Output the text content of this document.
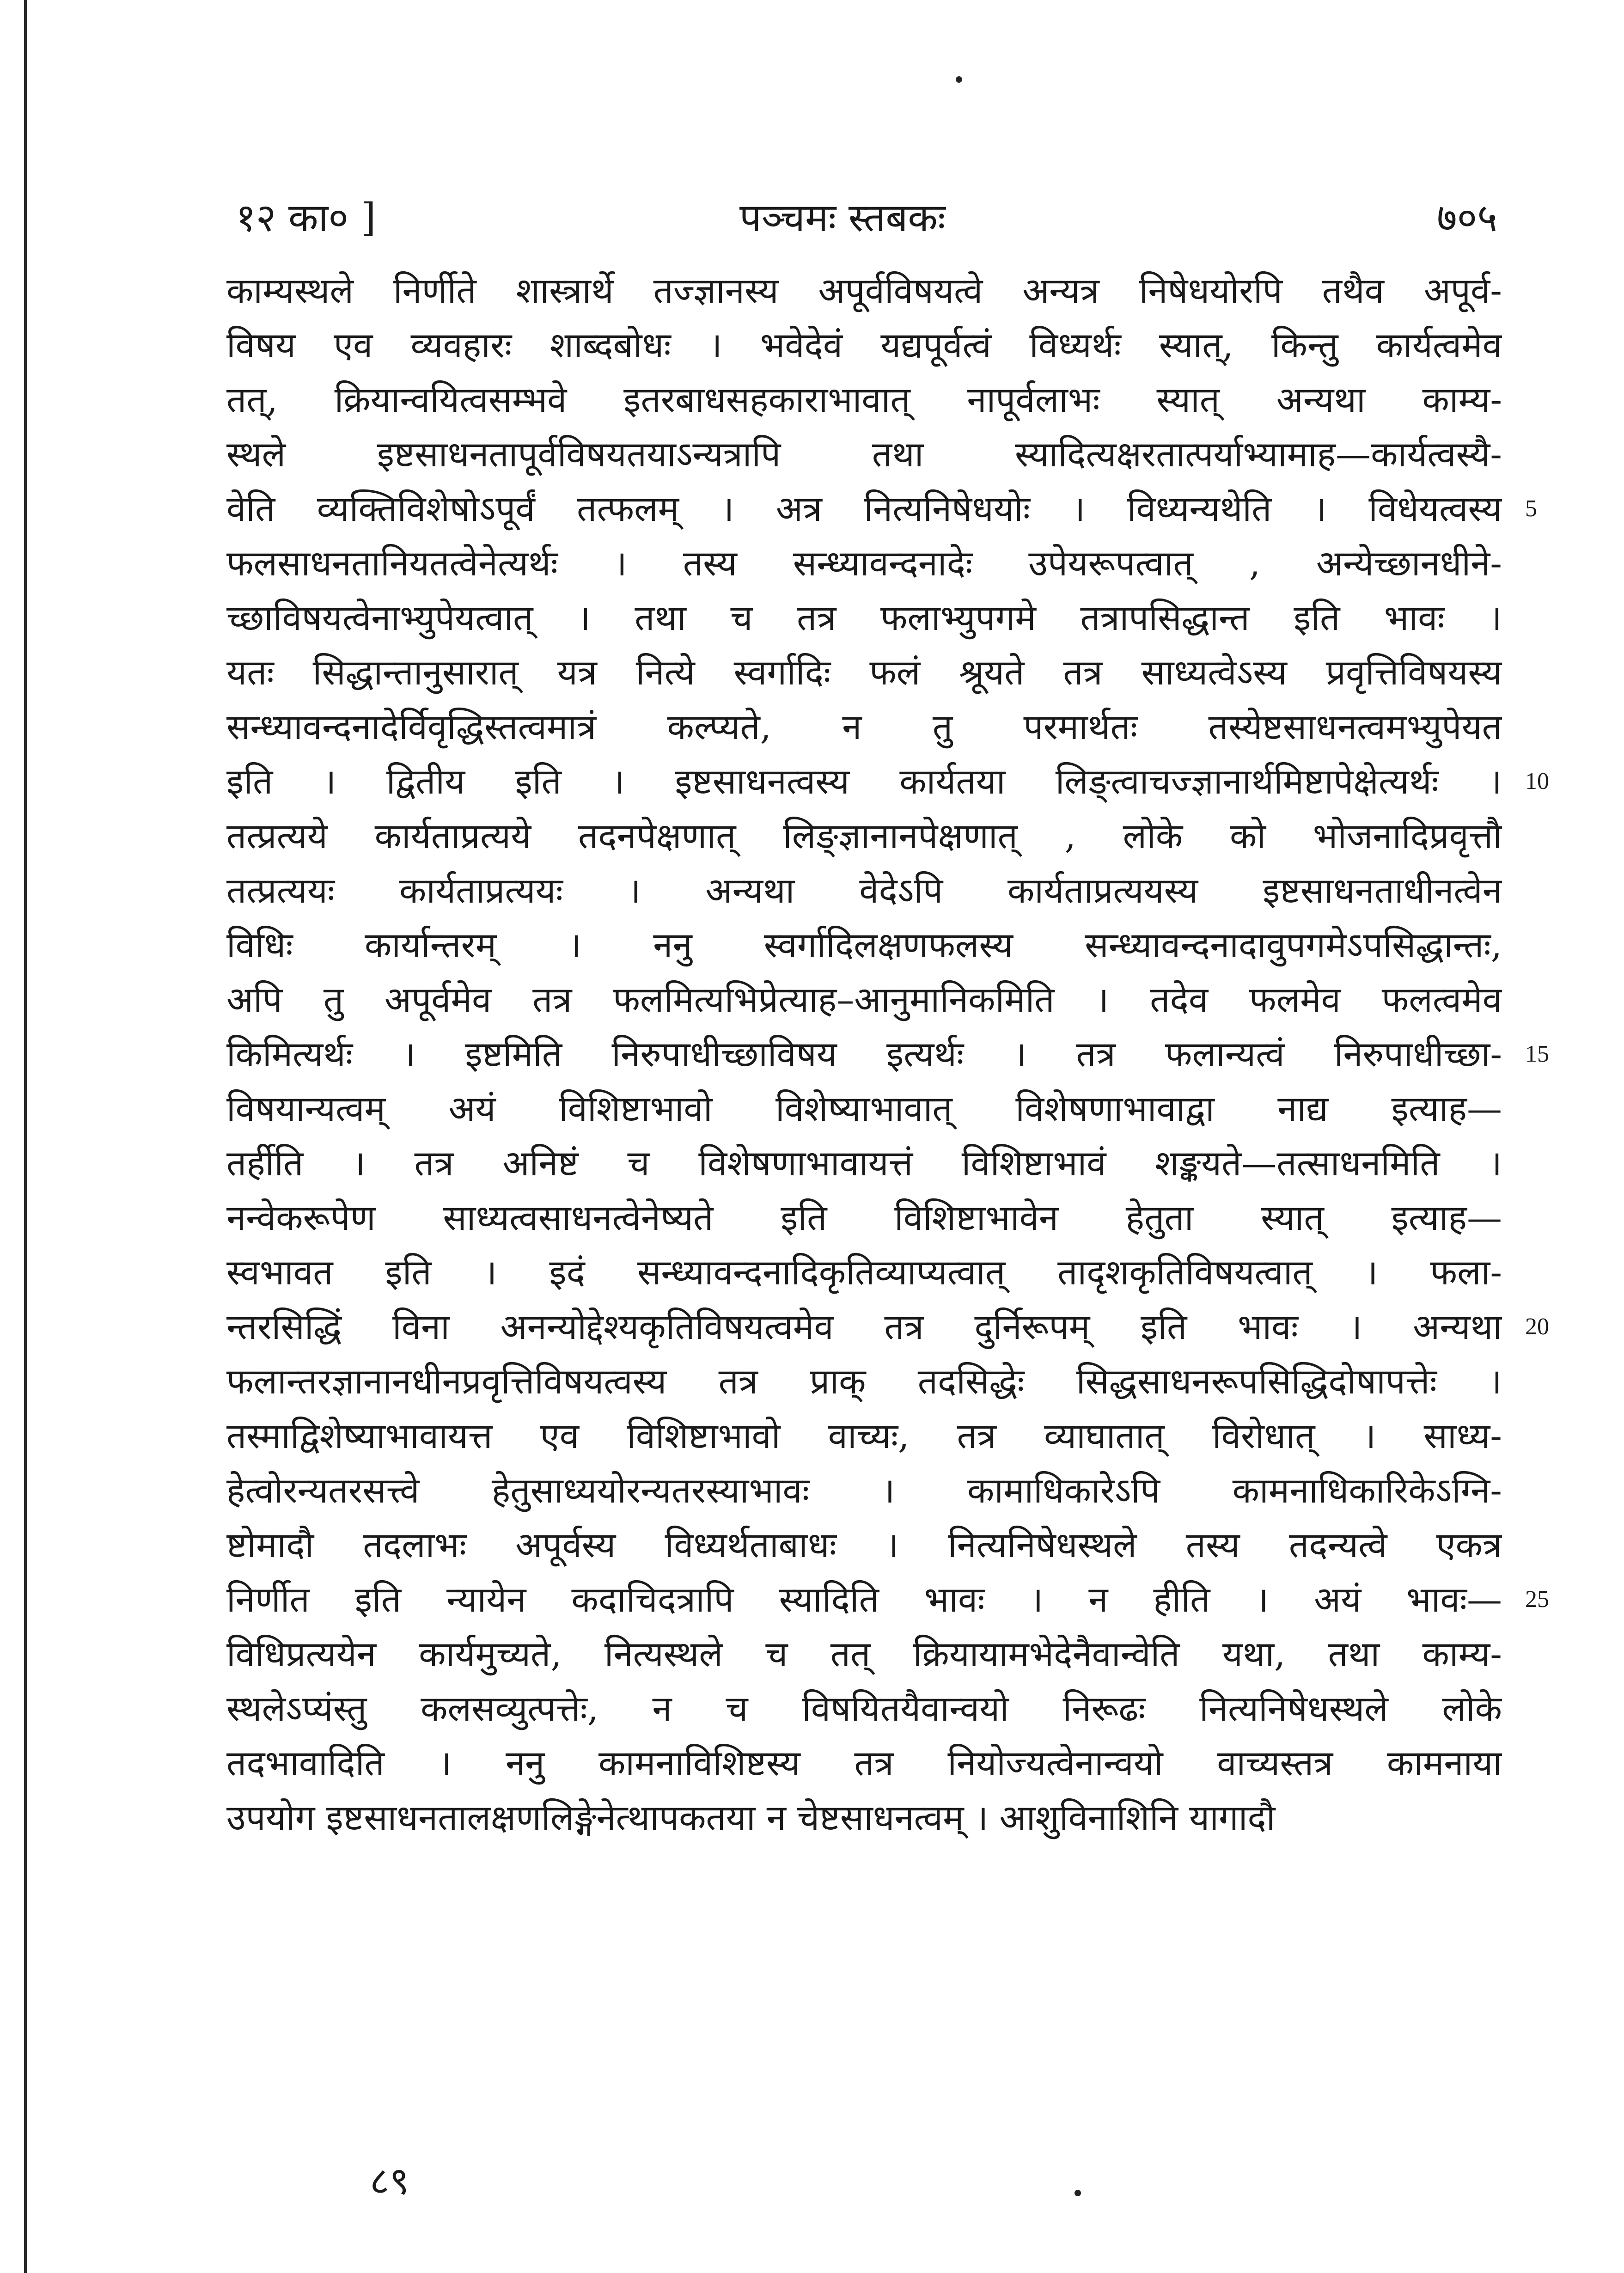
१२ का० ]	पञ्चमः स्तबकः	७०५
काम्यस्थले निर्णीते शास्त्रार्थे तज्ज्ञानस्य अपूर्वविषयत्वे अन्यत्र निषेधयोरपि तथैव अपूर्व-
विषय एव व्यवहारः शाब्दबोधः । भवेदेवं यद्यपूर्वत्वं विध्यर्थः स्यात्, किन्तु कार्यत्वमेव
तत्, क्रियान्वयित्वसम्भवे इतरबाधसहकाराभावात् नापूर्वलाभः स्यात् अन्यथा काम्य-
स्थले इष्टसाधनतापूर्वविषयतयाऽन्यत्रापि तथा स्यादित्यक्षरतात्पर्याभ्यामाह—कार्यत्वस्यै-
वेति व्यक्तिविशेषोऽपूर्वं तत्फलम् । अत्र नित्यनिषेधयोः । विध्यन्यथेति । विधेयत्वस्य
फलसाधनतानियतत्वेनेत्यर्थः । तस्य सन्ध्यावन्दनादेः उपेयरूपत्वात् , अन्येच्छानधीने-
च्छाविषयत्वेनाभ्युपेयत्वात् । तथा च तत्र फलाभ्युपगमे तत्रापसिद्धान्त इति भावः ।
यतः सिद्धान्तानुसारात् यत्र नित्ये स्वर्गादिः फलं श्रूयते तत्र साध्यत्वेऽस्य प्रवृत्तिविषयस्य
सन्ध्यावन्दनादेर्विवृद्धिस्तत्वमात्रं कल्प्यते, न तु परमार्थतः तस्येष्टसाधनत्वमभ्युपेयत
इति । द्वितीय इति । इष्टसाधनत्वस्य कार्यतया लिङ्त्वाचज्ज्ञानार्थमिष्टापेक्षेत्यर्थः ।
तत्प्रत्यये कार्यताप्रत्यये तदनपेक्षणात् लिङ्ज्ञानानपेक्षणात् , लोके को भोजनादिप्रवृत्तौ
तत्प्रत्ययः कार्यताप्रत्ययः । अन्यथा वेदेऽपि कार्यताप्रत्ययस्य इष्टसाधनताधीनत्वेन
विधिः कार्यान्तरम् । ननु स्वर्गादिलक्षणफलस्य सन्ध्यावन्दनादावुपगमेऽपसिद्धान्तः,
अपि तु अपूर्वमेव तत्र फलमित्यभिप्रेत्याह–आनुमानिकमिति । तदेव फलमेव फलत्वमेव
किमित्यर्थः । इष्टमिति निरुपाधीच्छाविषय इत्यर्थः । तत्र फलान्यत्वं निरुपाधीच्छा-
विषयान्यत्वम् अयं विशिष्टाभावो विशेष्याभावात् विशेषणाभावाद्वा नाद्य इत्याह—
तर्हीति । तत्र अनिष्टं च विशेषणाभावायत्तं विशिष्टाभावं शङ्कयते—तत्साधनमिति ।
नन्वेकरूपेण साध्यत्वसाधनत्वेनेष्यते इति विशिष्टाभावेन हेतुता स्यात् इत्याह—
स्वभावत इति । इदं सन्ध्यावन्दनादिकृतिव्याप्यत्वात् तादृशकृतिविषयत्वात् । फला-
न्तरसिद्धिं विना अनन्योद्देश्यकृतिविषयत्वमेव तत्र दुर्निरूपम् इति भावः । अन्यथा
फलान्तरज्ञानानधीनप्रवृत्तिविषयत्वस्य तत्र प्राक् तदसिद्धेः सिद्धसाधनरूपसिद्धिदोषापत्तेः ।
तस्माद्विशेष्याभावायत्त एव विशिष्टाभावो वाच्यः, तत्र व्याघातात् विरोधात् । साध्य-
हेत्वोरन्यतरसत्त्वे हेतुसाध्ययोरन्यतरस्याभावः । कामाधिकारेऽपि कामनाधिकारिकेऽग्नि-
ष्टोमादौ तदलाभः अपूर्वस्य विध्यर्थताबाधः । नित्यनिषेधस्थले तस्य तदन्यत्वे एकत्र
निर्णीत इति न्यायेन कदाचिदत्रापि स्यादिति भावः । न हीति । अयं भावः—
विधिप्रत्ययेन कार्यमुच्यते, नित्यस्थले च तत् क्रियायामभेदेनैवान्वेति यथा, तथा काम्य-
स्थलेऽप्यंस्तु कलसव्युत्पत्तेः, न च विषयितयैवान्वयो निरूढः नित्यनिषेधस्थले लोके
तदभावादिति । ननु कामनाविशिष्टस्य तत्र नियोज्यत्वेनान्वयो वाच्यस्तत्र कामनाया
उपयोग इष्टसाधनतालक्षणलिङ्गेनेत्थापकतया न चेष्टसाधनत्वम् । आशुविनाशिनि यागादौ
5
10
15
20
25
८९
